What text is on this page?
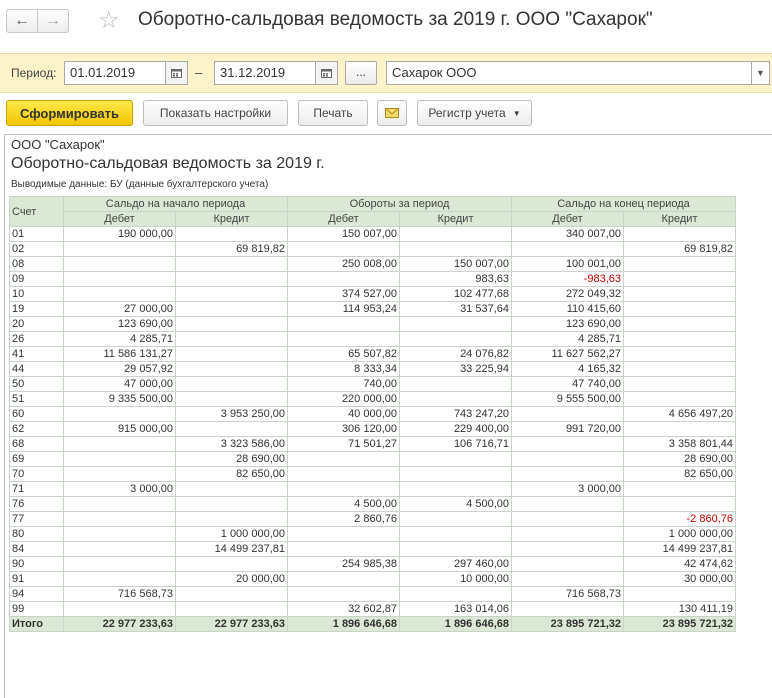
← → ☆ Оборотно-сальдовая ведомость за 2019 г. ООО "Сахарок"
Период:	01.01.2019	–	31.12.2019	...	Сахарок ООО	▼
Сформировать	Показать настройки	Печать	Регистр учета ▼
ООО "Сахарок"
Оборотно-сальдовая ведомость за 2019 г.
Выводимые данные: БУ (данные бухгалтерского учета)
Счет	Сальдо на начало периода		Обороты за период		Сальдо на конец периода	
	Дебет	Кредит	Дебет	Кредит	Дебет	Кредит
01	190 000,00		150 007,00		340 007,00	
02		69 819,82				69 819,82
08			250 008,00	150 007,00	100 001,00	
09				983,63	-983,63	
10			374 527,00	102 477,68	272 049,32	
19	27 000,00		114 953,24	31 537,64	110 415,60	
20	123 690,00				123 690,00	
26	4 285,71				4 285,71	
41	11 586 131,27		65 507,82	24 076,82	11 627 562,27	
44	29 057,92		8 333,34	33 225,94	4 165,32	
50	47 000,00		740,00		47 740,00	
51	9 335 500,00		220 000,00		9 555 500,00	
60		3 953 250,00	40 000,00	743 247,20		4 656 497,20
62	915 000,00		306 120,00	229 400,00	991 720,00	
68		3 323 586,00	71 501,27	106 716,71		3 358 801,44
69		28 690,00				28 690,00
70		82 650,00				82 650,00
71	3 000,00				3 000,00	
76			4 500,00	4 500,00		
77			2 860,76			-2 860,76
80		1 000 000,00				1 000 000,00
84		14 499 237,81				14 499 237,81
90			254 985,38	297 460,00		42 474,62
91		20 000,00		10 000,00		30 000,00
94	716 568,73				716 568,73	
99			32 602,87	163 014,06		130 411,19
Итого	22 977 233,63	22 977 233,63	1 896 646,68	1 896 646,68	23 895 721,32	23 895 721,32
